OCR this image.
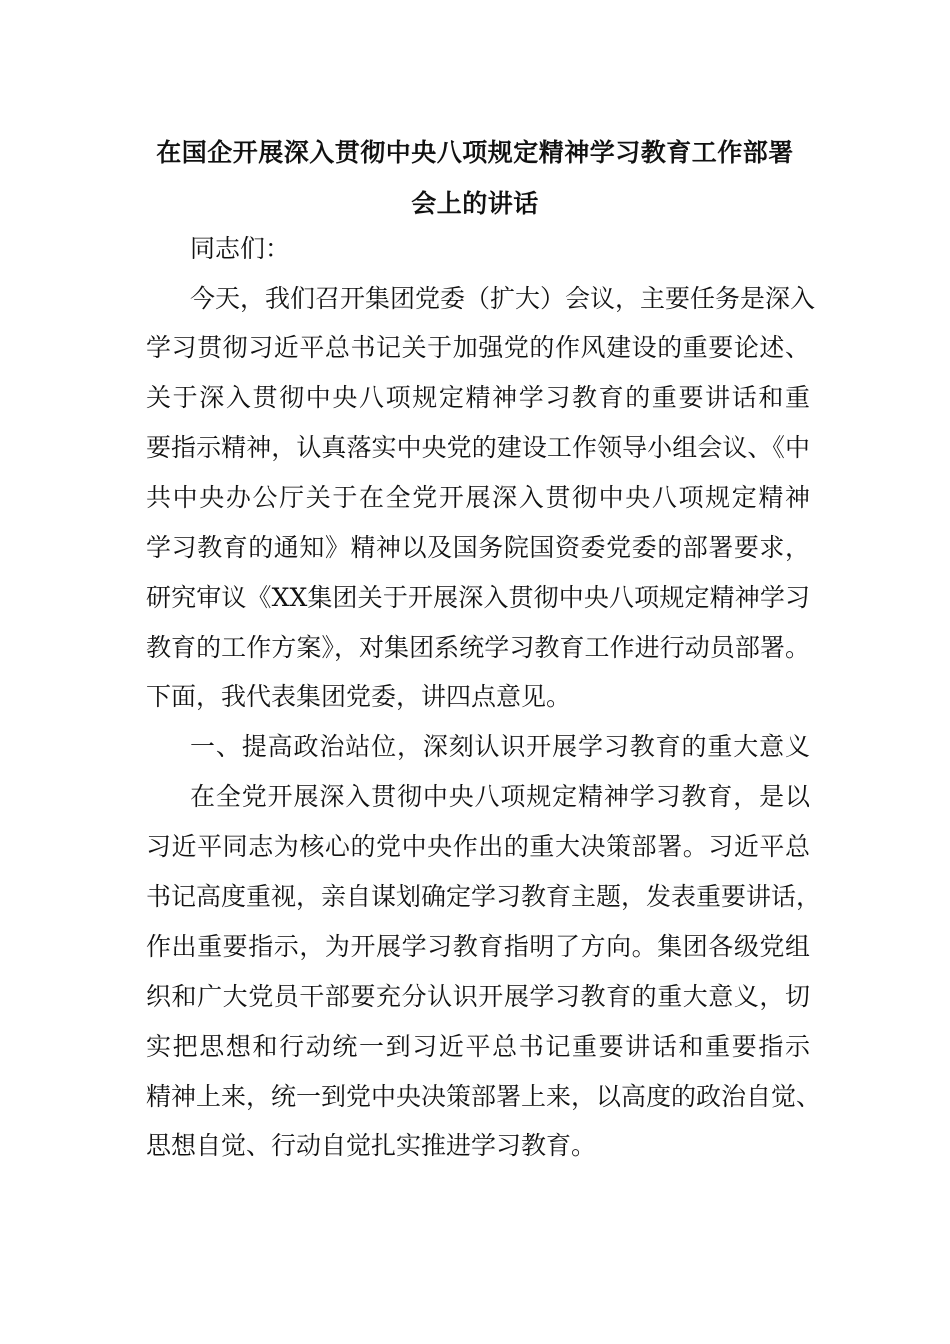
在国企开展深入贯彻中央八项规定精神学习教育工作部署
会上的讲话
同志们：
今天，我们召开集团党委（扩大）会议，主要任务是深入
学习贯彻习近平总书记关于加强党的作风建设的重要论述、
关于深入贯彻中央八项规定精神学习教育的重要讲话和重
要指示精神，认真落实中央党的建设工作领导小组会议、《中
共中央办公厅关于在全党开展深入贯彻中央八项规定精神
学习教育的通知》精神以及国务院国资委党委的部署要求，
研究审议《XX集团关于开展深入贯彻中央八项规定精神学习
教育的工作方案》，对集团系统学习教育工作进行动员部署。
下面，我代表集团党委，讲四点意见。
一、提高政治站位，深刻认识开展学习教育的重大意义
在全党开展深入贯彻中央八项规定精神学习教育，是以
习近平同志为核心的党中央作出的重大决策部署。习近平总
书记高度重视，亲自谋划确定学习教育主题，发表重要讲话，
作出重要指示，为开展学习教育指明了方向。集团各级党组
织和广大党员干部要充分认识开展学习教育的重大意义，切
实把思想和行动统一到习近平总书记重要讲话和重要指示
精神上来，统一到党中央决策部署上来，以高度的政治自觉、
思想自觉、行动自觉扎实推进学习教育。
